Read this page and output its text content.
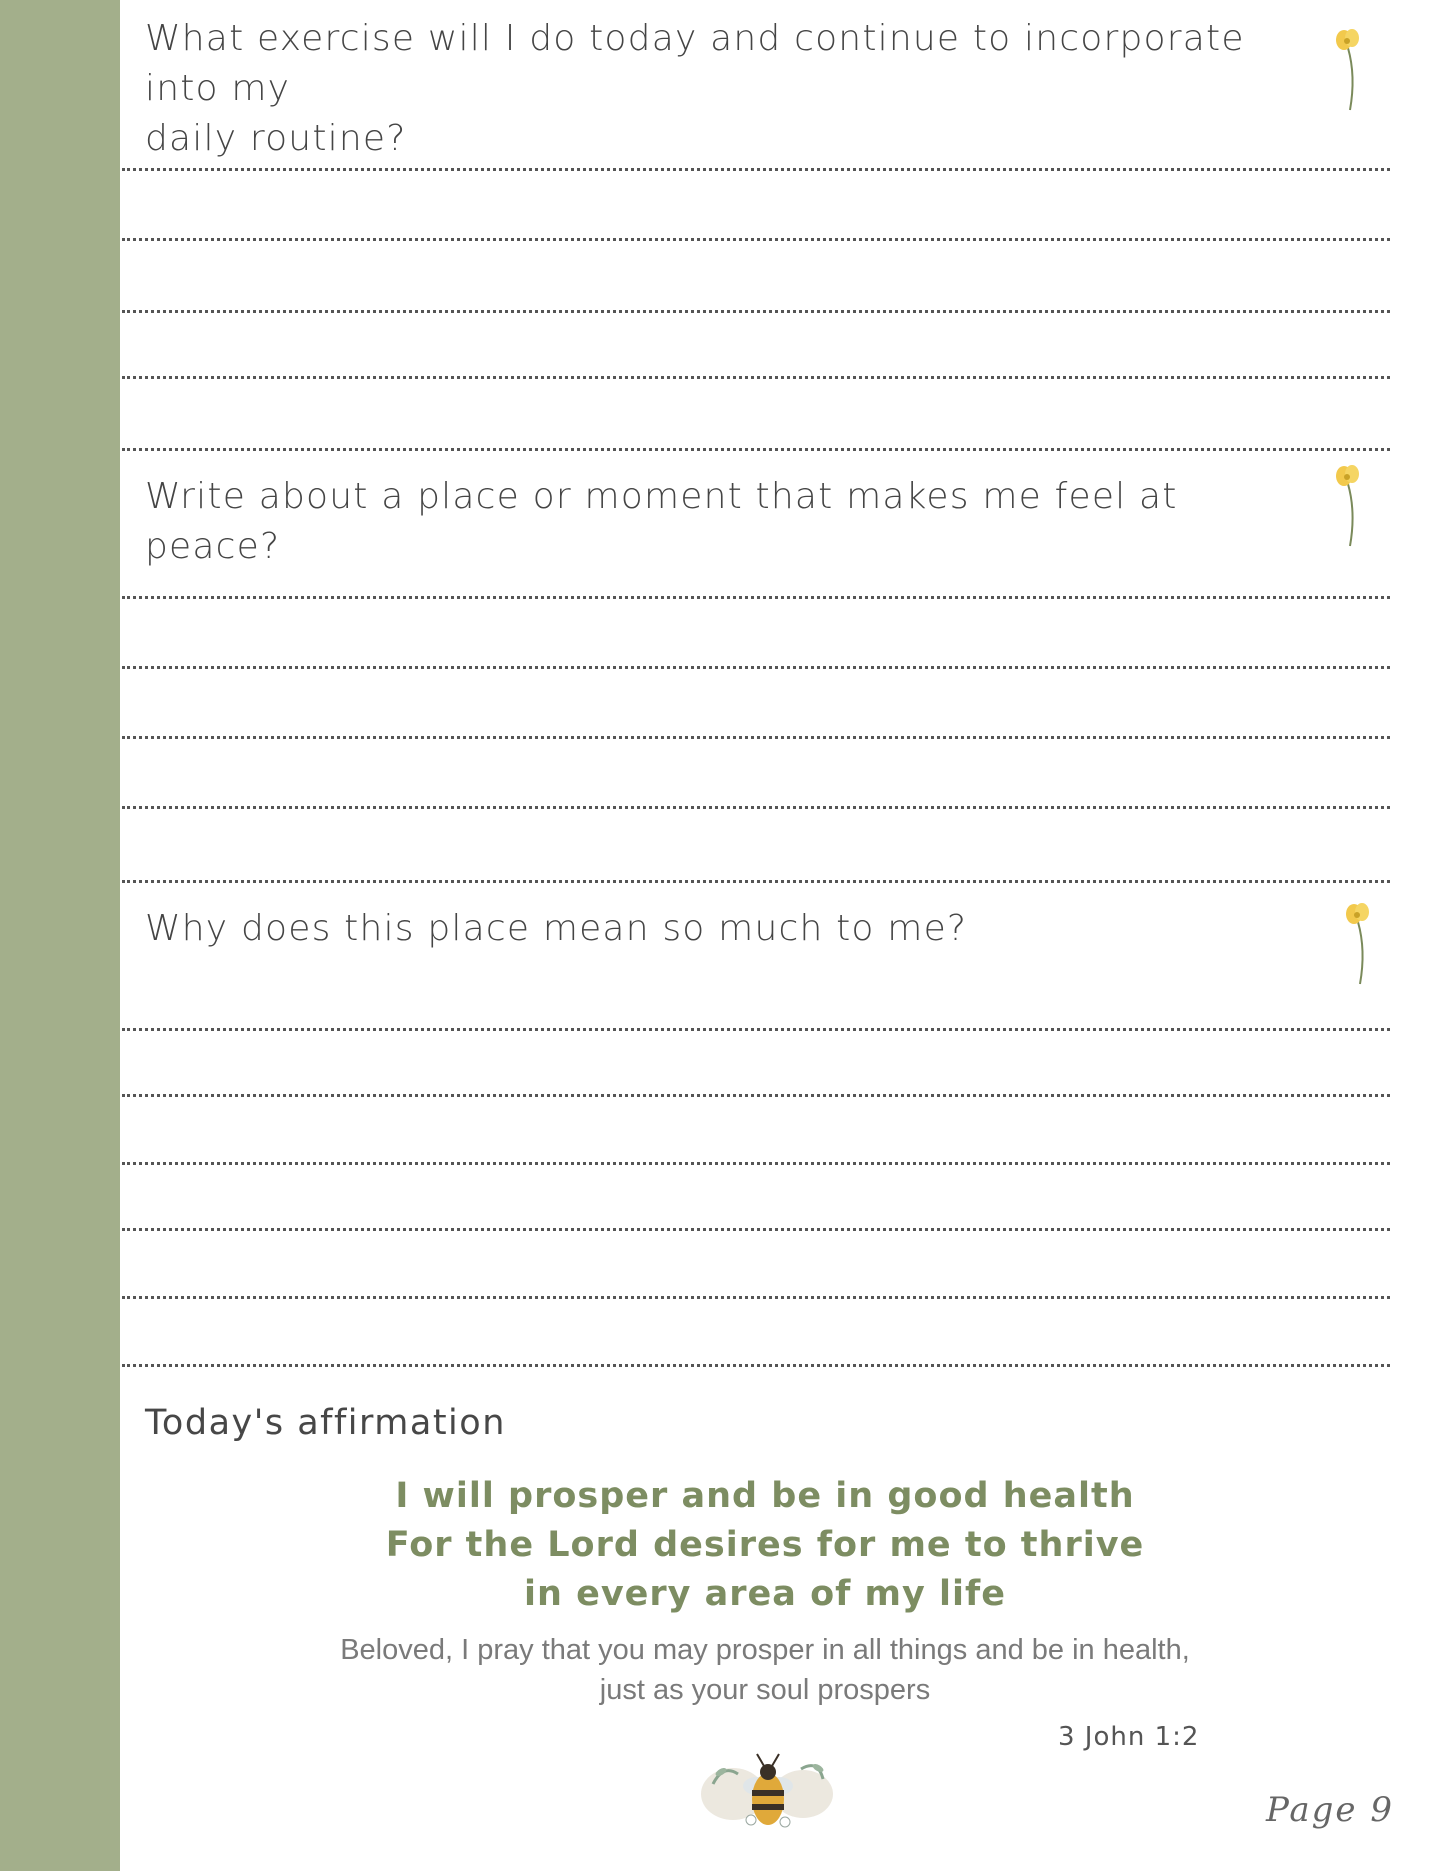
What exercise will I do today and continue to incorporate into my
daily routine?
Write about a place or moment that makes me feel at peace?
Why does this place mean so much to me?
Today's affirmation
I will prosper and be in good health
For the Lord desires for me to thrive
in every area of my life
Beloved, I pray that you may prosper in all things and be in health,
just as your soul prospers
3 John 1:2
Page 9
